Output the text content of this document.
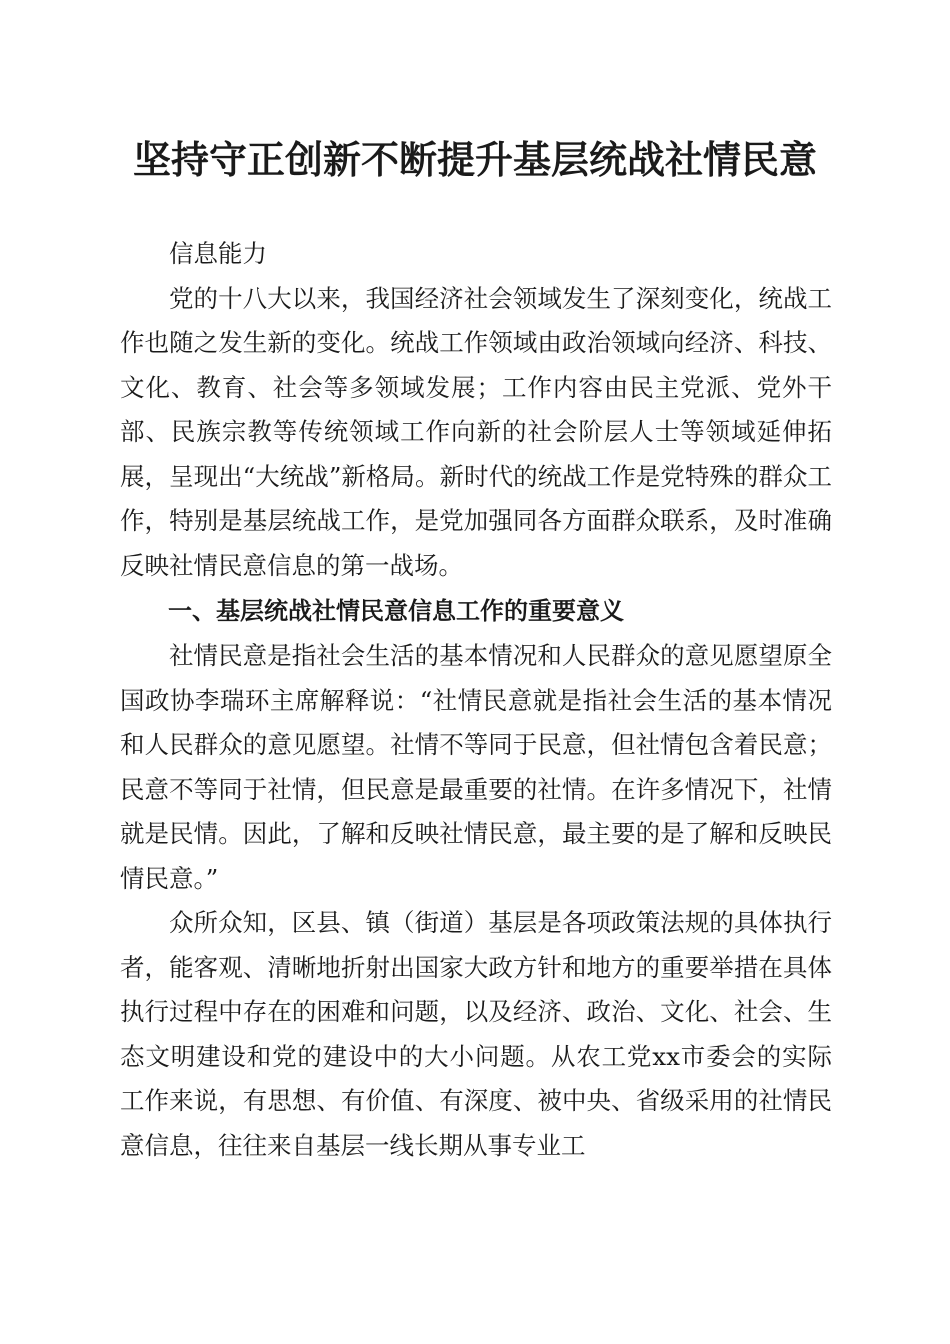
坚持守正创新不断提升基层统战社情民意

信息能力

党的十八大以来，我国经济社会领域发生了深刻变化，统战工作也随之发生新的变化。统战工作领域由政治领域向经济、科技、文化、教育、社会等多领域发展；工作内容由民主党派、党外干部、民族宗教等传统领域工作向新的社会阶层人士等领域延伸拓展，呈现出“大统战”新格局。新时代的统战工作是党特殊的群众工作，特别是基层统战工作，是党加强同各方面群众联系，及时准确反映社情民意信息的第一战场。

一、基层统战社情民意信息工作的重要意义

社情民意是指社会生活的基本情况和人民群众的意见愿望原全国政协李瑞环主席解释说：“社情民意就是指社会生活的基本情况和人民群众的意见愿望。社情不等同于民意，但社情包含着民意；民意不等同于社情，但民意是最重要的社情。在许多情况下，社情就是民情。因此，了解和反映社情民意，最主要的是了解和反映民情民意。”

众所众知，区县、镇（街道）基层是各项政策法规的具体执行者，能客观、清晰地折射出国家大政方针和地方的重要举措在具体执行过程中存在的困难和问题，以及经济、政治、文化、社会、生态文明建设和党的建设中的大小问题。从农工党xx市委会的实际工作来说，有思想、有价值、有深度、被中央、省级采用的社情民意信息，往往来自基层一线长期从事专业工
